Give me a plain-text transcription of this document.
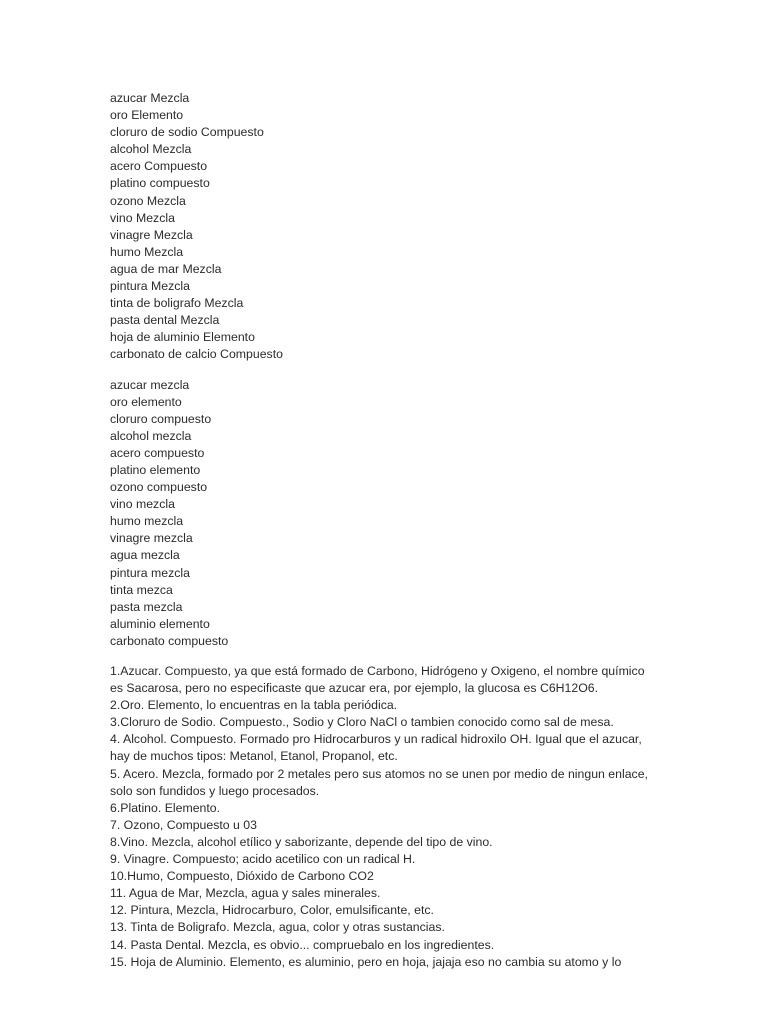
azucar Mezcla
oro Elemento
cloruro de sodio Compuesto
alcohol Mezcla
acero Compuesto
platino compuesto
ozono Mezcla
vino Mezcla
vinagre Mezcla
humo Mezcla
agua de mar Mezcla
pintura Mezcla
tinta de boligrafo Mezcla
pasta dental Mezcla
hoja de aluminio Elemento
carbonato de calcio Compuesto
azucar mezcla
oro elemento
cloruro compuesto
alcohol mezcla
acero compuesto
platino elemento
ozono compuesto
vino mezcla
humo mezcla
vinagre mezcla
agua mezcla
pintura mezcla
tinta mezca
pasta mezcla
aluminio elemento
carbonato compuesto
1.Azucar. Compuesto, ya que está formado de Carbono, Hidrógeno y Oxigeno, el nombre químico es Sacarosa, pero no especificaste que azucar era, por ejemplo, la glucosa es C6H12O6.
2.Oro. Elemento, lo encuentras en la tabla periódica.
3.Cloruro de Sodio. Compuesto., Sodio y Cloro NaCl o tambien conocido como sal de mesa.
4. Alcohol. Compuesto. Formado pro Hidrocarburos y un radical hidroxilo OH. Igual que el azucar, hay de muchos tipos: Metanol, Etanol, Propanol, etc.
5. Acero. Mezcla, formado por 2 metales pero sus atomos no se unen por medio de ningun enlace, solo son fundidos y luego procesados.
6.Platino. Elemento.
7. Ozono, Compuesto u 03
8.Vino. Mezcla, alcohol etílico y saborizante, depende del tipo de vino.
9. Vinagre. Compuesto; acido acetilico con un radical H.
10.Humo, Compuesto, Dióxido de Carbono CO2
11. Agua de Mar, Mezcla, agua y sales minerales.
12. Pintura, Mezcla, Hidrocarburo, Color, emulsificante, etc.
13. Tinta de Boligrafo. Mezcla, agua, color y otras sustancias.
14. Pasta Dental. Mezcla, es obvio... compruebalo en los ingredientes.
15. Hoja de Aluminio. Elemento, es aluminio, pero en hoja, jajaja eso no cambia su atomo y lo
